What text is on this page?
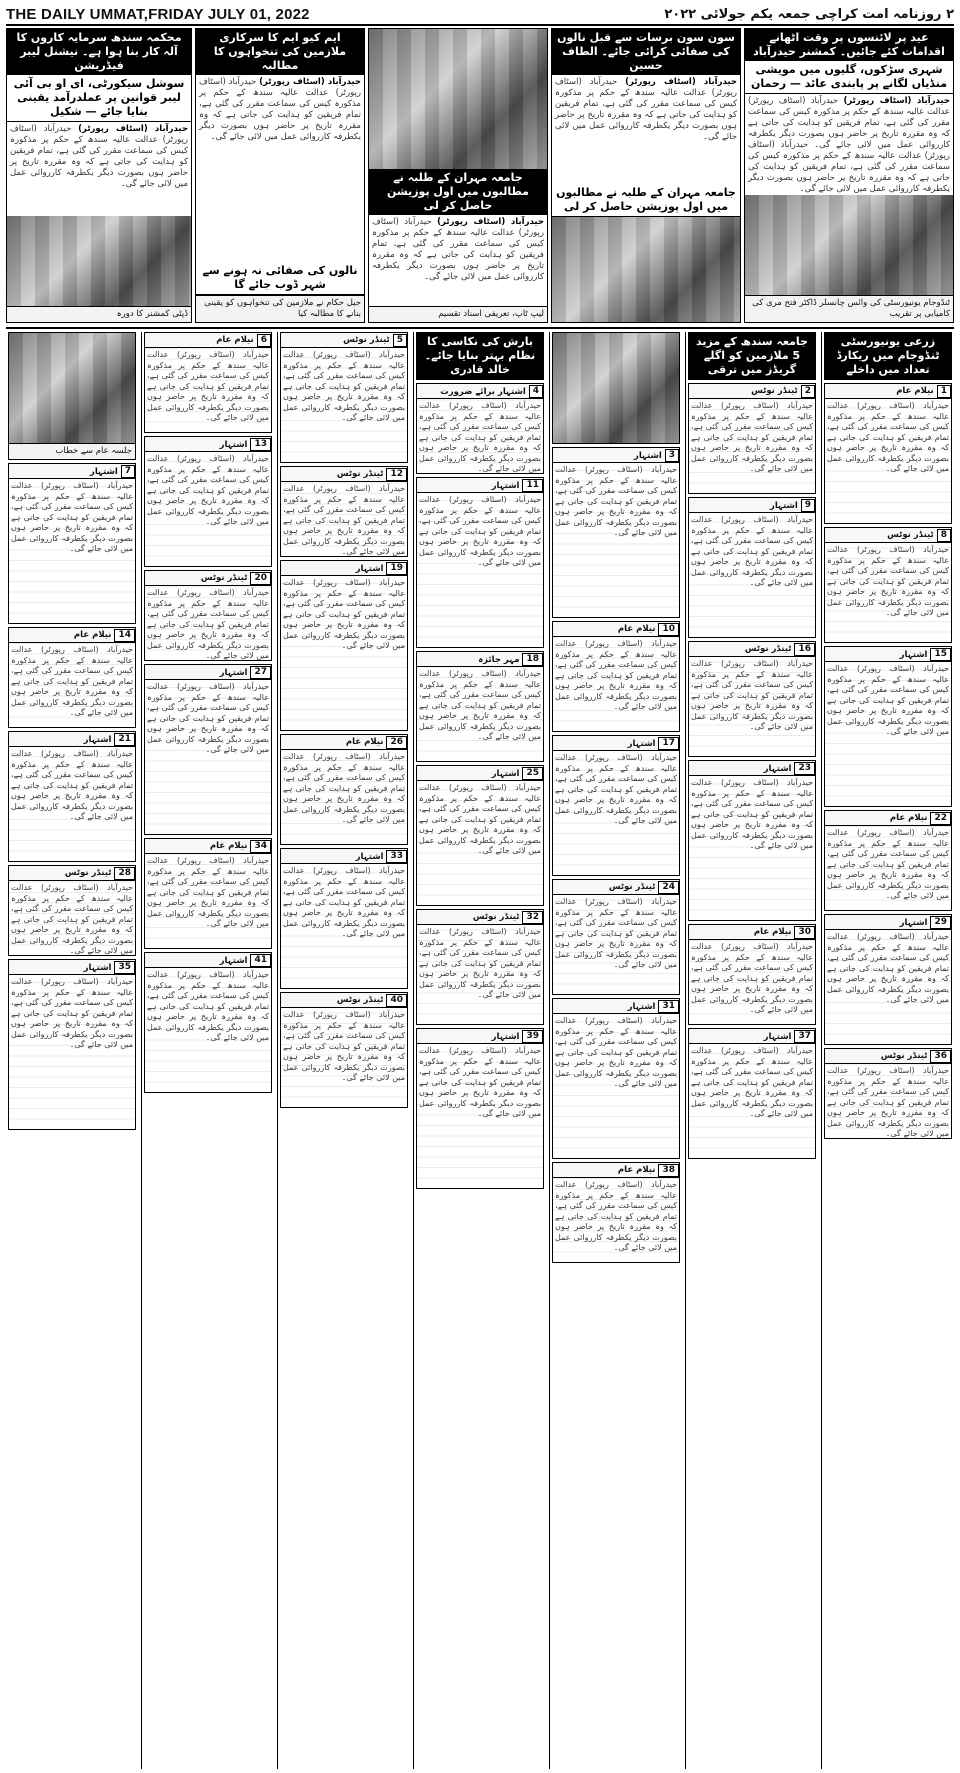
THE DAILY UMMAT,FRIDAY JULY 01, 2022	۲ روزنامہ امت کراچی جمعہ یکم جولائی ۲۰۲۲
عید پر لائنسوں پر وقت اٹھانے اقدامات کئے جائیں۔ کمشنر حیدرآباد
شہری سڑکوں، گلیوں میں مویشی منڈیاں لگانے پر پابندی عائد — رحمان
حیدرآباد (اسٹاف رپورٹر) حیدرآباد (اسٹاف رپورٹر) عدالت عالیہ سندھ کے حکم پر مذکورہ کیس کی سماعت مقرر کی گئی ہے، تمام فریقین کو ہدایت کی جاتی ہے کہ وہ مقررہ تاریخ پر حاضر ہوں بصورت دیگر یکطرفہ کارروائی عمل میں لائی جائے گی۔ حیدرآباد (اسٹاف رپورٹر) عدالت عالیہ سندھ کے حکم پر مذکورہ کیس کی سماعت مقرر کی گئی ہے، تمام فریقین کو ہدایت کی جاتی ہے کہ وہ مقررہ تاریخ پر حاضر ہوں بصورت دیگر یکطرفہ کارروائی عمل میں لائی جائے گی۔
ٹنڈوجام یونیورسٹی کی وائس چانسلر ڈاکٹر فتح مری کی کامیابی پر تقریب
سون سون برسات سے قبل نالوں کی صفائی کرائی جائے۔ الطاف حسین
حیدرآباد (اسٹاف رپورٹر) حیدرآباد (اسٹاف رپورٹر) عدالت عالیہ سندھ کے حکم پر مذکورہ کیس کی سماعت مقرر کی گئی ہے، تمام فریقین کو ہدایت کی جاتی ہے کہ وہ مقررہ تاریخ پر حاضر ہوں بصورت دیگر یکطرفہ کارروائی عمل میں لائی جائے گی۔
جامعہ مہران کے طلبہ نے مطالبوں میں اول پوزیشن حاصل کر لی
جامعہ مہران کے طلبہ نے مطالبوں میں اول پوزیشن حاصل کر لی
حیدرآباد (اسٹاف رپورٹر) حیدرآباد (اسٹاف رپورٹر) عدالت عالیہ سندھ کے حکم پر مذکورہ کیس کی سماعت مقرر کی گئی ہے، تمام فریقین کو ہدایت کی جاتی ہے کہ وہ مقررہ تاریخ پر حاضر ہوں بصورت دیگر یکطرفہ کارروائی عمل میں لائی جائے گی۔
لیپ ٹاپ، تعریفی اسناد تقسیم
ایم کیو ایم کا سرکاری ملازمین کی تنخواہوں کا مطالبہ
حیدرآباد (اسٹاف رپورٹر) حیدرآباد (اسٹاف رپورٹر) عدالت عالیہ سندھ کے حکم پر مذکورہ کیس کی سماعت مقرر کی گئی ہے، تمام فریقین کو ہدایت کی جاتی ہے کہ وہ مقررہ تاریخ پر حاضر ہوں بصورت دیگر یکطرفہ کارروائی عمل میں لائی جائے گی۔
نالوں کی صفائی نہ ہونے سے شہر ڈوب جائے گا
جیل حکام نے ملازمین کی تنخواہوں کو یقینی بنانے کا مطالبہ کیا
محکمہ سندھ سرمایہ کاروں کا آلہ کار بنا ہوا ہے۔ نیشنل لیبر فیڈریشن
سوشل سیکورٹی، ای او بی آئی لیبر قوانین پر عملدرآمد یقینی بنایا جائے — شکیل
حیدرآباد (اسٹاف رپورٹر) حیدرآباد (اسٹاف رپورٹر) عدالت عالیہ سندھ کے حکم پر مذکورہ کیس کی سماعت مقرر کی گئی ہے، تمام فریقین کو ہدایت کی جاتی ہے کہ وہ مقررہ تاریخ پر حاضر ہوں بصورت دیگر یکطرفہ کارروائی عمل میں لائی جائے گی۔
ڈپٹی کمشنر کا دورہ
زرعی یونیورسٹی ٹنڈوجام میں ریکارڈ تعداد میں داخلے
1
نیلام عام
حیدرآباد (اسٹاف رپورٹر) عدالت عالیہ سندھ کے حکم پر مذکورہ کیس کی سماعت مقرر کی گئی ہے، تمام فریقین کو ہدایت کی جاتی ہے کہ وہ مقررہ تاریخ پر حاضر ہوں بصورت دیگر یکطرفہ کارروائی عمل میں لائی جائے گی۔
8
ٹینڈر نوٹس
حیدرآباد (اسٹاف رپورٹر) عدالت عالیہ سندھ کے حکم پر مذکورہ کیس کی سماعت مقرر کی گئی ہے، تمام فریقین کو ہدایت کی جاتی ہے کہ وہ مقررہ تاریخ پر حاضر ہوں بصورت دیگر یکطرفہ کارروائی عمل میں لائی جائے گی۔
15
اشتہار
حیدرآباد (اسٹاف رپورٹر) عدالت عالیہ سندھ کے حکم پر مذکورہ کیس کی سماعت مقرر کی گئی ہے، تمام فریقین کو ہدایت کی جاتی ہے کہ وہ مقررہ تاریخ پر حاضر ہوں بصورت دیگر یکطرفہ کارروائی عمل میں لائی جائے گی۔
22
نیلام عام
حیدرآباد (اسٹاف رپورٹر) عدالت عالیہ سندھ کے حکم پر مذکورہ کیس کی سماعت مقرر کی گئی ہے، تمام فریقین کو ہدایت کی جاتی ہے کہ وہ مقررہ تاریخ پر حاضر ہوں بصورت دیگر یکطرفہ کارروائی عمل میں لائی جائے گی۔
29
اشتہار
حیدرآباد (اسٹاف رپورٹر) عدالت عالیہ سندھ کے حکم پر مذکورہ کیس کی سماعت مقرر کی گئی ہے، تمام فریقین کو ہدایت کی جاتی ہے کہ وہ مقررہ تاریخ پر حاضر ہوں بصورت دیگر یکطرفہ کارروائی عمل میں لائی جائے گی۔
36
ٹینڈر نوٹس
حیدرآباد (اسٹاف رپورٹر) عدالت عالیہ سندھ کے حکم پر مذکورہ کیس کی سماعت مقرر کی گئی ہے، تمام فریقین کو ہدایت کی جاتی ہے کہ وہ مقررہ تاریخ پر حاضر ہوں بصورت دیگر یکطرفہ کارروائی عمل میں لائی جائے گی۔
جامعہ سندھ کے مزید 5 ملازمین کو اگلے گریڈز میں ترقی
2
ٹینڈر نوٹس
حیدرآباد (اسٹاف رپورٹر) عدالت عالیہ سندھ کے حکم پر مذکورہ کیس کی سماعت مقرر کی گئی ہے، تمام فریقین کو ہدایت کی جاتی ہے کہ وہ مقررہ تاریخ پر حاضر ہوں بصورت دیگر یکطرفہ کارروائی عمل میں لائی جائے گی۔
9
اشتہار
حیدرآباد (اسٹاف رپورٹر) عدالت عالیہ سندھ کے حکم پر مذکورہ کیس کی سماعت مقرر کی گئی ہے، تمام فریقین کو ہدایت کی جاتی ہے کہ وہ مقررہ تاریخ پر حاضر ہوں بصورت دیگر یکطرفہ کارروائی عمل میں لائی جائے گی۔
16
ٹینڈر نوٹس
حیدرآباد (اسٹاف رپورٹر) عدالت عالیہ سندھ کے حکم پر مذکورہ کیس کی سماعت مقرر کی گئی ہے، تمام فریقین کو ہدایت کی جاتی ہے کہ وہ مقررہ تاریخ پر حاضر ہوں بصورت دیگر یکطرفہ کارروائی عمل میں لائی جائے گی۔
23
اشتہار
حیدرآباد (اسٹاف رپورٹر) عدالت عالیہ سندھ کے حکم پر مذکورہ کیس کی سماعت مقرر کی گئی ہے، تمام فریقین کو ہدایت کی جاتی ہے کہ وہ مقررہ تاریخ پر حاضر ہوں بصورت دیگر یکطرفہ کارروائی عمل میں لائی جائے گی۔
30
نیلام عام
حیدرآباد (اسٹاف رپورٹر) عدالت عالیہ سندھ کے حکم پر مذکورہ کیس کی سماعت مقرر کی گئی ہے، تمام فریقین کو ہدایت کی جاتی ہے کہ وہ مقررہ تاریخ پر حاضر ہوں بصورت دیگر یکطرفہ کارروائی عمل میں لائی جائے گی۔
37
اشتہار
حیدرآباد (اسٹاف رپورٹر) عدالت عالیہ سندھ کے حکم پر مذکورہ کیس کی سماعت مقرر کی گئی ہے، تمام فریقین کو ہدایت کی جاتی ہے کہ وہ مقررہ تاریخ پر حاضر ہوں بصورت دیگر یکطرفہ کارروائی عمل میں لائی جائے گی۔
3
اشتہار
حیدرآباد (اسٹاف رپورٹر) عدالت عالیہ سندھ کے حکم پر مذکورہ کیس کی سماعت مقرر کی گئی ہے، تمام فریقین کو ہدایت کی جاتی ہے کہ وہ مقررہ تاریخ پر حاضر ہوں بصورت دیگر یکطرفہ کارروائی عمل میں لائی جائے گی۔
10
نیلام عام
حیدرآباد (اسٹاف رپورٹر) عدالت عالیہ سندھ کے حکم پر مذکورہ کیس کی سماعت مقرر کی گئی ہے، تمام فریقین کو ہدایت کی جاتی ہے کہ وہ مقررہ تاریخ پر حاضر ہوں بصورت دیگر یکطرفہ کارروائی عمل میں لائی جائے گی۔
17
اشتہار
حیدرآباد (اسٹاف رپورٹر) عدالت عالیہ سندھ کے حکم پر مذکورہ کیس کی سماعت مقرر کی گئی ہے، تمام فریقین کو ہدایت کی جاتی ہے کہ وہ مقررہ تاریخ پر حاضر ہوں بصورت دیگر یکطرفہ کارروائی عمل میں لائی جائے گی۔
24
ٹینڈر نوٹس
حیدرآباد (اسٹاف رپورٹر) عدالت عالیہ سندھ کے حکم پر مذکورہ کیس کی سماعت مقرر کی گئی ہے، تمام فریقین کو ہدایت کی جاتی ہے کہ وہ مقررہ تاریخ پر حاضر ہوں بصورت دیگر یکطرفہ کارروائی عمل میں لائی جائے گی۔
31
اشتہار
حیدرآباد (اسٹاف رپورٹر) عدالت عالیہ سندھ کے حکم پر مذکورہ کیس کی سماعت مقرر کی گئی ہے، تمام فریقین کو ہدایت کی جاتی ہے کہ وہ مقررہ تاریخ پر حاضر ہوں بصورت دیگر یکطرفہ کارروائی عمل میں لائی جائے گی۔
38
نیلام عام
حیدرآباد (اسٹاف رپورٹر) عدالت عالیہ سندھ کے حکم پر مذکورہ کیس کی سماعت مقرر کی گئی ہے، تمام فریقین کو ہدایت کی جاتی ہے کہ وہ مقررہ تاریخ پر حاضر ہوں بصورت دیگر یکطرفہ کارروائی عمل میں لائی جائے گی۔
بارش کی نکاسی کا نظام بہتر بنایا جائے۔ خالد قادری
4
اشتہار برائے ضرورت
حیدرآباد (اسٹاف رپورٹر) عدالت عالیہ سندھ کے حکم پر مذکورہ کیس کی سماعت مقرر کی گئی ہے، تمام فریقین کو ہدایت کی جاتی ہے کہ وہ مقررہ تاریخ پر حاضر ہوں بصورت دیگر یکطرفہ کارروائی عمل میں لائی جائے گی۔
11
اشتہار
حیدرآباد (اسٹاف رپورٹر) عدالت عالیہ سندھ کے حکم پر مذکورہ کیس کی سماعت مقرر کی گئی ہے، تمام فریقین کو ہدایت کی جاتی ہے کہ وہ مقررہ تاریخ پر حاضر ہوں بصورت دیگر یکطرفہ کارروائی عمل میں لائی جائے گی۔
18
مہر جائزہ
حیدرآباد (اسٹاف رپورٹر) عدالت عالیہ سندھ کے حکم پر مذکورہ کیس کی سماعت مقرر کی گئی ہے، تمام فریقین کو ہدایت کی جاتی ہے کہ وہ مقررہ تاریخ پر حاضر ہوں بصورت دیگر یکطرفہ کارروائی عمل میں لائی جائے گی۔
25
اشتہار
حیدرآباد (اسٹاف رپورٹر) عدالت عالیہ سندھ کے حکم پر مذکورہ کیس کی سماعت مقرر کی گئی ہے، تمام فریقین کو ہدایت کی جاتی ہے کہ وہ مقررہ تاریخ پر حاضر ہوں بصورت دیگر یکطرفہ کارروائی عمل میں لائی جائے گی۔
32
ٹینڈر نوٹس
حیدرآباد (اسٹاف رپورٹر) عدالت عالیہ سندھ کے حکم پر مذکورہ کیس کی سماعت مقرر کی گئی ہے، تمام فریقین کو ہدایت کی جاتی ہے کہ وہ مقررہ تاریخ پر حاضر ہوں بصورت دیگر یکطرفہ کارروائی عمل میں لائی جائے گی۔
39
اشتہار
حیدرآباد (اسٹاف رپورٹر) عدالت عالیہ سندھ کے حکم پر مذکورہ کیس کی سماعت مقرر کی گئی ہے، تمام فریقین کو ہدایت کی جاتی ہے کہ وہ مقررہ تاریخ پر حاضر ہوں بصورت دیگر یکطرفہ کارروائی عمل میں لائی جائے گی۔
5
ٹینڈر نوٹس
حیدرآباد (اسٹاف رپورٹر) عدالت عالیہ سندھ کے حکم پر مذکورہ کیس کی سماعت مقرر کی گئی ہے، تمام فریقین کو ہدایت کی جاتی ہے کہ وہ مقررہ تاریخ پر حاضر ہوں بصورت دیگر یکطرفہ کارروائی عمل میں لائی جائے گی۔
12
ٹینڈر نوٹس
حیدرآباد (اسٹاف رپورٹر) عدالت عالیہ سندھ کے حکم پر مذکورہ کیس کی سماعت مقرر کی گئی ہے، تمام فریقین کو ہدایت کی جاتی ہے کہ وہ مقررہ تاریخ پر حاضر ہوں بصورت دیگر یکطرفہ کارروائی عمل میں لائی جائے گی۔
19
اشتہار
حیدرآباد (اسٹاف رپورٹر) عدالت عالیہ سندھ کے حکم پر مذکورہ کیس کی سماعت مقرر کی گئی ہے، تمام فریقین کو ہدایت کی جاتی ہے کہ وہ مقررہ تاریخ پر حاضر ہوں بصورت دیگر یکطرفہ کارروائی عمل میں لائی جائے گی۔
26
نیلام عام
حیدرآباد (اسٹاف رپورٹر) عدالت عالیہ سندھ کے حکم پر مذکورہ کیس کی سماعت مقرر کی گئی ہے، تمام فریقین کو ہدایت کی جاتی ہے کہ وہ مقررہ تاریخ پر حاضر ہوں بصورت دیگر یکطرفہ کارروائی عمل میں لائی جائے گی۔
33
اشتہار
حیدرآباد (اسٹاف رپورٹر) عدالت عالیہ سندھ کے حکم پر مذکورہ کیس کی سماعت مقرر کی گئی ہے، تمام فریقین کو ہدایت کی جاتی ہے کہ وہ مقررہ تاریخ پر حاضر ہوں بصورت دیگر یکطرفہ کارروائی عمل میں لائی جائے گی۔
40
ٹینڈر نوٹس
حیدرآباد (اسٹاف رپورٹر) عدالت عالیہ سندھ کے حکم پر مذکورہ کیس کی سماعت مقرر کی گئی ہے، تمام فریقین کو ہدایت کی جاتی ہے کہ وہ مقررہ تاریخ پر حاضر ہوں بصورت دیگر یکطرفہ کارروائی عمل میں لائی جائے گی۔
6
نیلام عام
حیدرآباد (اسٹاف رپورٹر) عدالت عالیہ سندھ کے حکم پر مذکورہ کیس کی سماعت مقرر کی گئی ہے، تمام فریقین کو ہدایت کی جاتی ہے کہ وہ مقررہ تاریخ پر حاضر ہوں بصورت دیگر یکطرفہ کارروائی عمل میں لائی جائے گی۔
13
اشتہار
حیدرآباد (اسٹاف رپورٹر) عدالت عالیہ سندھ کے حکم پر مذکورہ کیس کی سماعت مقرر کی گئی ہے، تمام فریقین کو ہدایت کی جاتی ہے کہ وہ مقررہ تاریخ پر حاضر ہوں بصورت دیگر یکطرفہ کارروائی عمل میں لائی جائے گی۔
20
ٹینڈر نوٹس
حیدرآباد (اسٹاف رپورٹر) عدالت عالیہ سندھ کے حکم پر مذکورہ کیس کی سماعت مقرر کی گئی ہے، تمام فریقین کو ہدایت کی جاتی ہے کہ وہ مقررہ تاریخ پر حاضر ہوں بصورت دیگر یکطرفہ کارروائی عمل میں لائی جائے گی۔
27
اشتہار
حیدرآباد (اسٹاف رپورٹر) عدالت عالیہ سندھ کے حکم پر مذکورہ کیس کی سماعت مقرر کی گئی ہے، تمام فریقین کو ہدایت کی جاتی ہے کہ وہ مقررہ تاریخ پر حاضر ہوں بصورت دیگر یکطرفہ کارروائی عمل میں لائی جائے گی۔
34
نیلام عام
حیدرآباد (اسٹاف رپورٹر) عدالت عالیہ سندھ کے حکم پر مذکورہ کیس کی سماعت مقرر کی گئی ہے، تمام فریقین کو ہدایت کی جاتی ہے کہ وہ مقررہ تاریخ پر حاضر ہوں بصورت دیگر یکطرفہ کارروائی عمل میں لائی جائے گی۔
41
اشتہار
حیدرآباد (اسٹاف رپورٹر) عدالت عالیہ سندھ کے حکم پر مذکورہ کیس کی سماعت مقرر کی گئی ہے، تمام فریقین کو ہدایت کی جاتی ہے کہ وہ مقررہ تاریخ پر حاضر ہوں بصورت دیگر یکطرفہ کارروائی عمل میں لائی جائے گی۔
جلسہ عام سے خطاب
7
اشتہار
حیدرآباد (اسٹاف رپورٹر) عدالت عالیہ سندھ کے حکم پر مذکورہ کیس کی سماعت مقرر کی گئی ہے، تمام فریقین کو ہدایت کی جاتی ہے کہ وہ مقررہ تاریخ پر حاضر ہوں بصورت دیگر یکطرفہ کارروائی عمل میں لائی جائے گی۔
14
نیلام عام
حیدرآباد (اسٹاف رپورٹر) عدالت عالیہ سندھ کے حکم پر مذکورہ کیس کی سماعت مقرر کی گئی ہے، تمام فریقین کو ہدایت کی جاتی ہے کہ وہ مقررہ تاریخ پر حاضر ہوں بصورت دیگر یکطرفہ کارروائی عمل میں لائی جائے گی۔
21
اشتہار
حیدرآباد (اسٹاف رپورٹر) عدالت عالیہ سندھ کے حکم پر مذکورہ کیس کی سماعت مقرر کی گئی ہے، تمام فریقین کو ہدایت کی جاتی ہے کہ وہ مقررہ تاریخ پر حاضر ہوں بصورت دیگر یکطرفہ کارروائی عمل میں لائی جائے گی۔
28
ٹینڈر نوٹس
حیدرآباد (اسٹاف رپورٹر) عدالت عالیہ سندھ کے حکم پر مذکورہ کیس کی سماعت مقرر کی گئی ہے، تمام فریقین کو ہدایت کی جاتی ہے کہ وہ مقررہ تاریخ پر حاضر ہوں بصورت دیگر یکطرفہ کارروائی عمل میں لائی جائے گی۔
35
اشتہار
حیدرآباد (اسٹاف رپورٹر) عدالت عالیہ سندھ کے حکم پر مذکورہ کیس کی سماعت مقرر کی گئی ہے، تمام فریقین کو ہدایت کی جاتی ہے کہ وہ مقررہ تاریخ پر حاضر ہوں بصورت دیگر یکطرفہ کارروائی عمل میں لائی جائے گی۔
